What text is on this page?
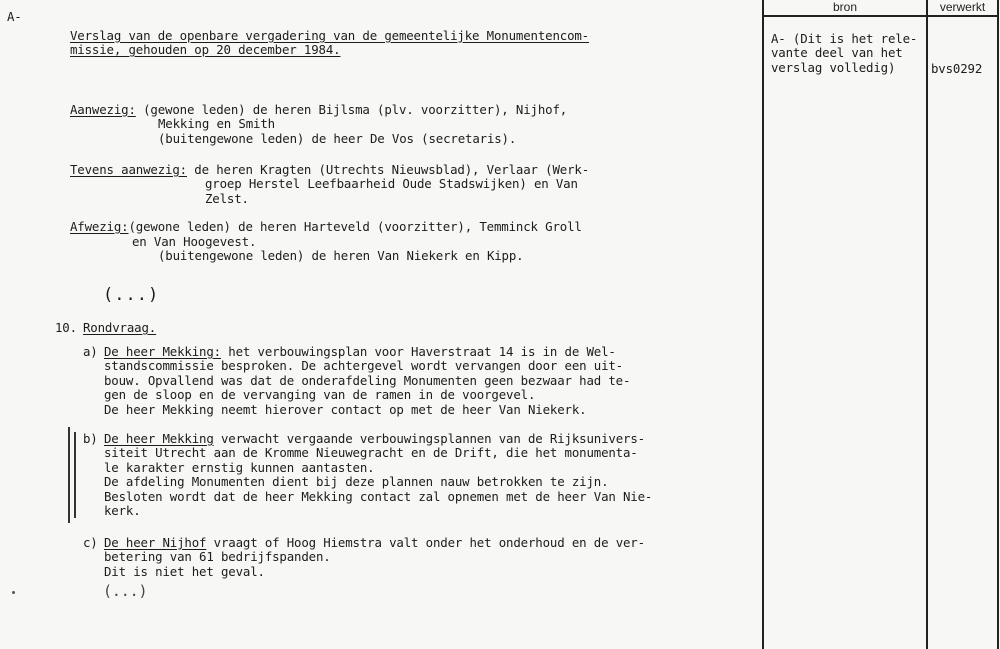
A-
Verslag van de openbare vergadering van de gemeentelijke Monumentencom-
missie, gehouden op 20 december 1984.
Aanwezig: (gewone leden) de heren Bijlsma (plv. voorzitter), Nijhof,
Mekking en Smith
(buitengewone leden) de heer De Vos (secretaris).
Tevens aanwezig: de heren Kragten (Utrechts Nieuwsblad), Verlaar (Werk-
groep Herstel Leefbaarheid Oude Stadswijken) en Van
Zelst.
Afwezig:(gewone leden) de heren Harteveld (voorzitter), Temminck Groll
en Van Hoogevest.
(buitengewone leden) de heren Van Niekerk en Kipp.
(...)
10. Rondvraag.
a) De heer Mekking: het verbouwingsplan voor Haverstraat 14 is in de Wel-
standscommissie besproken. De achtergevel wordt vervangen door een uit-
bouw. Opvallend was dat de onderafdeling Monumenten geen bezwaar had te-
gen de sloop en de vervanging van de ramen in de voorgevel.
De heer Mekking neemt hierover contact op met de heer Van Niekerk.
b) De heer Mekking verwacht vergaande verbouwingsplannen van de Rijksunivers-
siteit Utrecht aan de Kromme Nieuwegracht en de Drift, die het monumenta-
le karakter ernstig kunnen aantasten.
De afdeling Monumenten dient bij deze plannen nauw betrokken te zijn.
Besloten wordt dat de heer Mekking contact zal opnemen met de heer Van Nie-
kerk.
c) De heer Nijhof vraagt of Hoog Hiemstra valt onder het onderhoud en de ver-
betering van 61 bedrijfspanden.
Dit is niet het geval.
(...)
bron	verwerkt
A- (Dit is het rele-
vante deel van het
verslag volledig)	bvs0292
